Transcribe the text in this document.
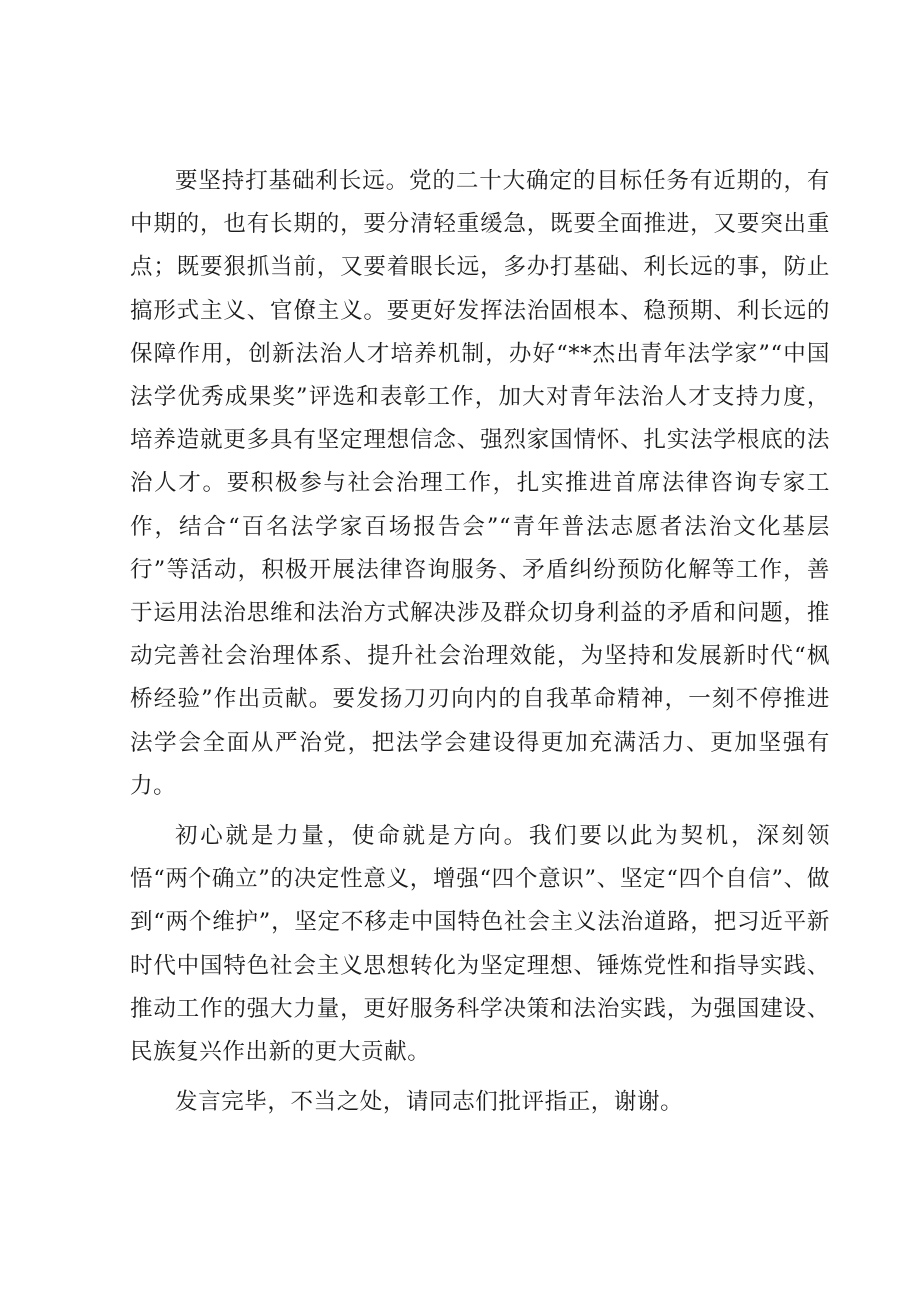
要坚持打基础利长远。党的二十大确定的目标任务有近期的，有中期的，也有长期的，要分清轻重缓急，既要全面推进，又要突出重点；既要狠抓当前，又要着眼长远，多办打基础、利长远的事，防止搞形式主义、官僚主义。要更好发挥法治固根本、稳预期、利长远的保障作用，创新法治人才培养机制，办好“**杰出青年法学家”“中国法学优秀成果奖”评选和表彰工作，加大对青年法治人才支持力度，培养造就更多具有坚定理想信念、强烈家国情怀、扎实法学根底的法治人才。要积极参与社会治理工作，扎实推进首席法律咨询专家工作，结合“百名法学家百场报告会”“青年普法志愿者法治文化基层行”等活动，积极开展法律咨询服务、矛盾纠纷预防化解等工作，善于运用法治思维和法治方式解决涉及群众切身利益的矛盾和问题，推动完善社会治理体系、提升社会治理效能，为坚持和发展新时代“枫桥经验”作出贡献。要发扬刀刃向内的自我革命精神，一刻不停推进法学会全面从严治党，把法学会建设得更加充满活力、更加坚强有力。

初心就是力量，使命就是方向。我们要以此为契机，深刻领悟“两个确立”的决定性意义，增强“四个意识”、坚定“四个自信”、做到“两个维护”，坚定不移走中国特色社会主义法治道路，把习近平新时代中国特色社会主义思想转化为坚定理想、锤炼党性和指导实践、推动工作的强大力量，更好服务科学决策和法治实践，为强国建设、民族复兴作出新的更大贡献。

发言完毕，不当之处，请同志们批评指正，谢谢。
